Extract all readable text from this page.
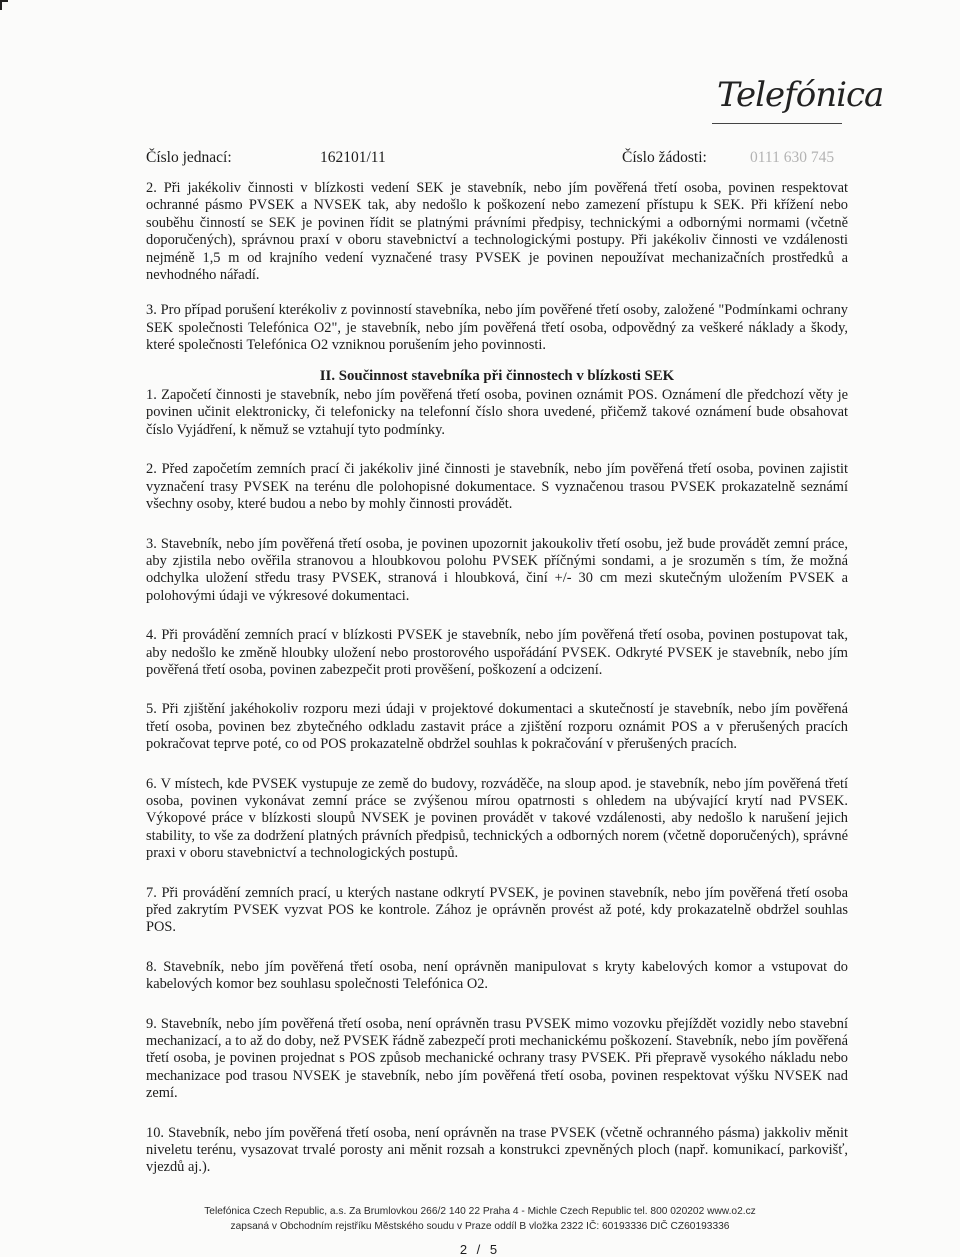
Telefónica
Číslo jednací:	162101/11	Číslo žádosti:	0111 630 745

2. Při jakékoliv činnosti v blízkosti vedení SEK je stavebník, nebo jím pověřená třetí osoba, povinen respektovat ochranné pásmo PVSEK a NVSEK tak, aby nedošlo k poškození nebo zamezení přístupu k SEK. Při křížení nebo souběhu činností se SEK je povinen řídit se platnými právními předpisy, technickými a odbornými normami (včetně doporučených), správnou praxí v oboru stavebnictví a technologickými postupy. Při jakékoliv činnosti ve vzdálenosti nejméně 1,5 m od krajního vedení vyznačené trasy PVSEK je povinen nepoužívat mechanizačních prostředků a nevhodného nářadí.

3. Pro případ porušení kterékoliv z povinností stavebníka, nebo jím pověřené třetí osoby, založené "Podmínkami ochrany SEK společnosti Telefónica O2", je stavebník, nebo jím pověřená třetí osoba, odpovědný za veškeré náklady a škody, které společnosti Telefónica O2 vzniknou porušením jeho povinnosti.

II. Součinnost stavebníka při činnostech v blízkosti SEK

1. Započetí činnosti je stavebník, nebo jím pověřená třetí osoba, povinen oznámit POS. Oznámení dle předchozí věty je povinen učinit elektronicky, či telefonicky na telefonní číslo shora uvedené, přičemž takové oznámení bude obsahovat číslo Vyjádření, k němuž se vztahují tyto podmínky.

2. Před započetím zemních prací či jakékoliv jiné činnosti je stavebník, nebo jím pověřená třetí osoba, povinen zajistit vyznačení trasy PVSEK na terénu dle polohopisné dokumentace. S vyznačenou trasou PVSEK prokazatelně seznámí všechny osoby, které budou a nebo by mohly činnosti provádět.

3. Stavebník, nebo jím pověřená třetí osoba, je povinen upozornit jakoukoliv třetí osobu, jež bude provádět zemní práce, aby zjistila nebo ověřila stranovou a hloubkovou polohu PVSEK příčnými sondami, a je srozuměn s tím, že možná odchylka uložení středu trasy PVSEK, stranová i hloubková, činí +/- 30 cm mezi skutečným uložením PVSEK a polohovými údaji ve výkresové dokumentaci.

4. Při provádění zemních prací v blízkosti PVSEK je stavebník, nebo jím pověřená třetí osoba, povinen postupovat tak, aby nedošlo ke změně hloubky uložení nebo prostorového uspořádání PVSEK. Odkryté PVSEK je stavebník, nebo jím pověřená třetí osoba, povinen zabezpečit proti prověšení, poškození a odcizení.

5. Při zjištění jakéhokoliv rozporu mezi údaji v projektové dokumentaci a skutečností je stavebník, nebo jím pověřená třetí osoba, povinen bez zbytečného odkladu zastavit práce a zjištění rozporu oznámit POS a v přerušených pracích pokračovat teprve poté, co od POS prokazatelně obdržel souhlas k pokračování v přerušených pracích.

6. V místech, kde PVSEK vystupuje ze země do budovy, rozváděče, na sloup apod. je stavebník, nebo jím pověřená třetí osoba, povinen vykonávat zemní práce se zvýšenou mírou opatrnosti s ohledem na ubývající krytí nad PVSEK. Výkopové práce v blízkosti sloupů NVSEK je povinen provádět v takové vzdálenosti, aby nedošlo k narušení jejich stability, to vše za dodržení platných právních předpisů, technických a odborných norem (včetně doporučených), správné praxi v oboru stavebnictví a technologických postupů.

7. Při provádění zemních prací, u kterých nastane odkrytí PVSEK, je povinen stavebník, nebo jím pověřená třetí osoba před zakrytím PVSEK vyzvat POS ke kontrole. Zához je oprávněn provést až poté, kdy prokazatelně obdržel souhlas POS.

8. Stavebník, nebo jím pověřená třetí osoba, není oprávněn manipulovat s kryty kabelových komor a vstupovat do kabelových komor bez souhlasu společnosti Telefónica O2.

9. Stavebník, nebo jím pověřená třetí osoba, není oprávněn trasu PVSEK mimo vozovku přejíždět vozidly nebo stavební mechanizací, a to až do doby, než PVSEK řádně zabezpečí proti mechanickému poškození. Stavebník, nebo jím pověřená třetí osoba, je povinen projednat s POS způsob mechanické ochrany trasy PVSEK. Při přepravě vysokého nákladu nebo mechanizace pod trasou NVSEK je stavebník, nebo jím pověřená třetí osoba, povinen respektovat výšku NVSEK nad zemí.

10. Stavebník, nebo jím pověřená třetí osoba, není oprávněn na trase PVSEK (včetně ochranného pásma) jakkoliv měnit niveletu terénu, vysazovat trvalé porosty ani měnit rozsah a konstrukci zpevněných ploch (např. komunikací, parkovišť, vjezdů aj.).

Telefónica Czech Republic, a.s. Za Brumlovkou 266/2 140 22 Praha 4 - Michle Czech Republic tel. 800 020202 www.o2.cz
zapsaná v Obchodním rejstříku Městského soudu v Praze oddíl B vložka 2322 IČ: 60193336 DIČ CZ60193336
2 / 5
